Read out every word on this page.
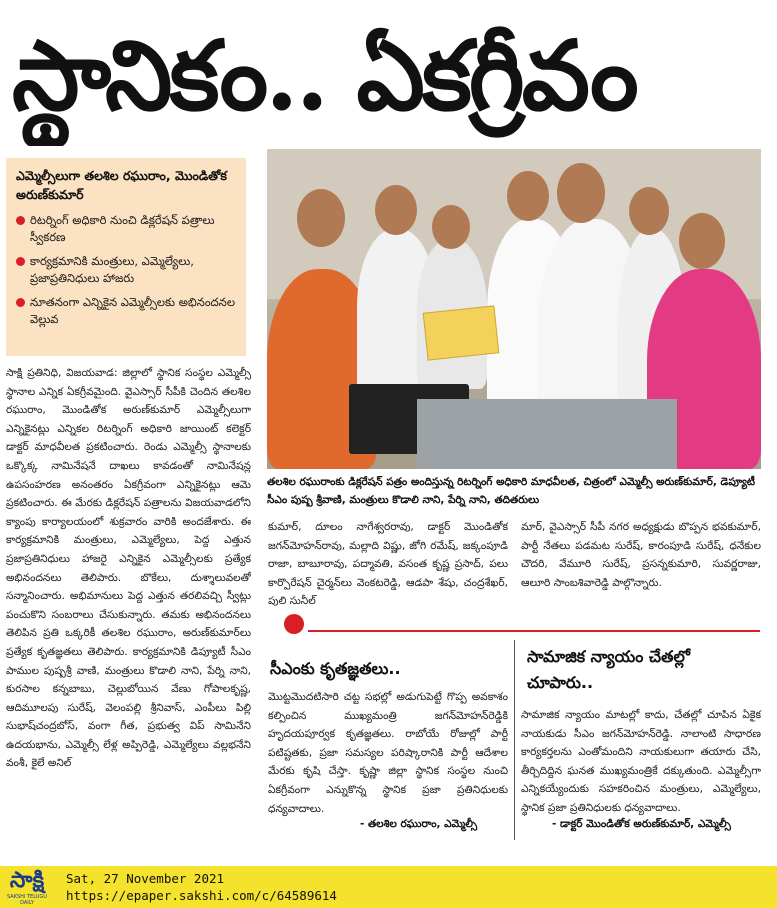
స్థానికం.. ఏకగ్రీవం
ఎమ్మెల్సీలుగా తలశిల రఘురాం, మొండితోక అరుణ్‌కుమార్
రిటర్నింగ్ అధికారి నుంచి డిక్లరేషన్ పత్రాలు స్వీకరణ
కార్యక్రమానికి మంత్రులు, ఎమ్మెల్యేలు, ప్రజాప్రతినిధులు హాజరు
నూతనంగా ఎన్నికైన ఎమ్మెల్సీలకు అభినందనల వెల్లువ
తలశిల రఘురాంకు డిక్లరేషన్ పత్రం అందిస్తున్న రిటర్నింగ్ అధికారి మాధవీలత, చిత్రంలో ఎమ్మెల్సీ అరుణ్‌కుమార్, డెప్యూటీ సీఎం పుష్ప శ్రీవాణి, మంత్రులు కొడాలి నాని, పేర్ని నాని, తదితరులు
సాక్షి ప్రతినిధి, విజయవాడ: జిల్లాలో స్థానిక సంస్థల ఎమ్మెల్సీ స్థానాల ఎన్నిక ఏకగ్రీవమైంది. వైఎస్సార్ సీపీకి చెందిన తలశిల రఘురాం, మొండితోక అరుణ్‌కుమార్ ఎమ్మెల్సీలుగా ఎన్నికైనట్లు ఎన్నికల రిటర్నింగ్ అధికారి జాయింట్ కలెక్టర్ డాక్టర్ మాధవీలత ప్రకటించారు. రెండు ఎమ్మెల్సీ స్థానాలకు ఒక్కొక్క నామినేషనే దాఖలు కావడంతో నామినేషన్ల ఉపసంహరణ అనంతరం ఏకగ్రీవంగా ఎన్నికైనట్లు ఆమె ప్రకటించారు. ఈ మేరకు డిక్లరేషన్ పత్రాలను విజయవాడలోని క్యాంపు కార్యాలయంలో శుక్రవారం వారికి అందజేశారు. ఈ కార్యక్రమానికి మంత్రులు, ఎమ్మెల్యేలు, పెద్ద ఎత్తున ప్రజాప్రతినిధులు హాజరై ఎన్నికైన ఎమ్మెల్సీలకు ప్రత్యేక అభినందనలు తెలిపారు. బొకేలు, దుశ్శాలువలతో సన్మానించారు. అభిమానులు పెద్ద ఎత్తున తరలివచ్చి స్వీట్లు పంచుకొని సంబరాలు చేసుకున్నారు. తమకు అభినందనలు తెలిపిన ప్రతి ఒక్కరికీ తలశిల రఘురాం, అరుణ్‌కుమార్‌లు ప్రత్యేక కృతజ్ఞతలు తెలిపారు. కార్యక్రమానికి డిప్యూటీ సీఎం పాముల పుష్పశ్రీ వాణి, మంత్రులు కొడాలి నాని, పేర్ని నాని, కురసాల కన్నబాబు, చెల్లుబోయిన వేణు గోపాలకృష్ణ, ఆదిమూలపు సురేష్, వెలంపల్లి శ్రీనివాస్, ఎంపీలు పిల్లి సుభాష్‌చంద్రబోస్, వంగా గీత, ప్రభుత్వ విప్ సామినేని ఉదయభాను, ఎమ్మెల్సీ లేళ్ల అప్పిరెడ్డి, ఎమ్మెల్యేలు వల్లభనేని వంశీ, కైలే అనిల్
కుమార్, దూలం నాగేశ్వరరావు, డాక్టర్ మొండితోక జగన్‌మోహన్‌రావు, మల్లాది విష్ణు, జోగి రమేష్, జక్కంపూడి రాజా, బాబూరావు, పద్మావతి, వసంత కృష్ణ ప్రసాద్, పలు కార్పొరేషన్ చైర్మన్‌లు వెంకటరెడ్డి, ఆడపా శేషు, చంద్రశేఖర్, పులి సునీల్‌
మార్, వైఎస్సార్ సీపీ నగర అధ్యక్షుడు బొప్పన భవకుమార్, పార్టీ నేతలు పడమట సురేష్, కారంపూడి సురేష్, ధనేకుల చౌదరి, వేమూరి సురేష్, ప్రసన్నకుమారి, సువర్ణరాజు, ఆలూరి సాంబశివారెడ్డి పాల్గొన్నారు.
సీఎంకు కృతజ్ఞతలు..
మొట్టమొదటిసారి చట్ట సభల్లో అడుగుపెట్టే గొప్ప అవకాశం కల్పించిన ముఖ్యమంత్రి జగన్‌మోహన్‌రెడ్డికి హృదయపూర్వక కృతజ్ఞతలు. రాబోయే రోజుల్లో పార్టీ పటిష్టతకు, ప్రజా సమస్యల పరిష్కారానికి పార్టీ ఆదేశాల మేరకు కృషి చేస్తా. కృష్ణా జిల్లా స్థానిక సంస్థల నుంచి ఏకగ్రీవంగా ఎన్నుకొన్న స్థానిక ప్రజా ప్రతినిధులకు ధన్యవాదాలు.
- తలశిల రఘురాం, ఎమ్మెల్సీ
సామాజిక న్యాయం చేతల్లో చూపారు..
సామాజిక న్యాయం మాటల్లో కాదు, చేతల్లో చూపిన ఏకైక నాయకుడు సీఎం జగన్‌మోహన్‌రెడ్డి. నాలాంటి సాధారణ కార్యకర్తలను ఎంతోమందిని నాయకులుగా తయారు చేసి, తీర్చిదిద్దిన ఘనత ముఖ్యమంత్రికే దక్కుతుంది. ఎమ్మెల్సీగా ఎన్నికయ్యేందుకు సహకరించిన మంత్రులు, ఎమ్మెల్యేలు, స్థానిక ప్రజా ప్రతినిధులకు ధన్యవాదాలు.
- డాక్టర్ మొండితోక అరుణ్‌కుమార్, ఎమ్మెల్సీ
సాక్షి
SAKSHI TELUGU DAILY
Sat, 27 November 2021
https://epaper.sakshi.com/c/64589614
